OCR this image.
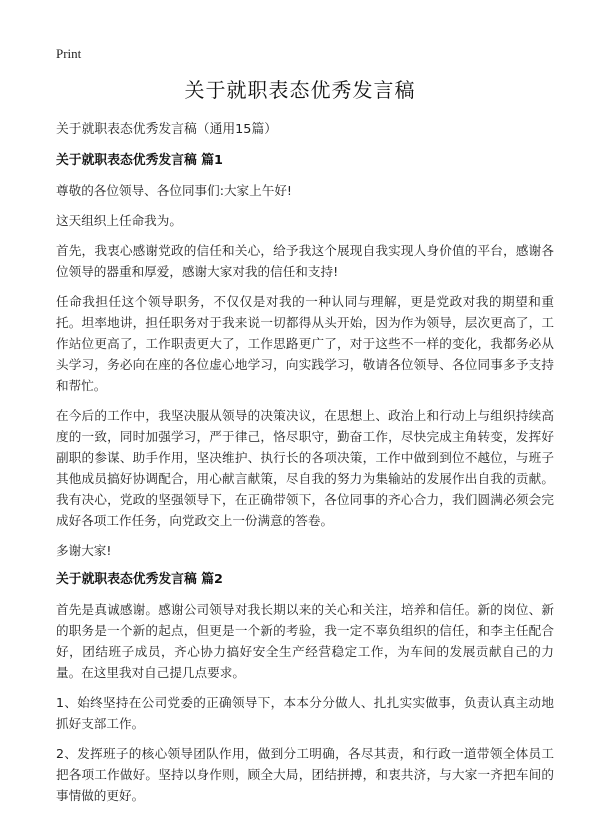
Print
关于就职表态优秀发言稿

关于就职表态优秀发言稿（通用15篇）

关于就职表态优秀发言稿 篇1

尊敬的各位领导、各位同事们:大家上午好!

这天组织上任命我为。

首先，我衷心感谢党政的信任和关心，给予我这个展现自我实现人身价值的平台，感谢各位领导的器重和厚爱，感谢大家对我的信任和支持!

任命我担任这个领导职务，不仅仅是对我的一种认同与理解，更是党政对我的期望和重托。坦率地讲，担任职务对于我来说一切都得从头开始，因为作为领导，层次更高了，工作站位更高了，工作职责更大了，工作思路更广了，对于这些不一样的变化，我都务必从头学习，务必向在座的各位虚心地学习，向实践学习，敬请各位领导、各位同事多予支持和帮忙。

在今后的工作中，我坚决服从领导的决策决议，在思想上、政治上和行动上与组织持续高度的一致，同时加强学习，严于律己，恪尽职守，勤奋工作，尽快完成主角转变，发挥好副职的参谋、助手作用，坚决维护、执行长的各项决策，工作中做到到位不越位，与班子其他成员搞好协调配合，用心献言献策，尽自我的努力为集输站的发展作出自我的贡献。我有决心，党政的坚强领导下，在正确带领下，各位同事的齐心合力，我们圆满必须会完成好各项工作任务，向党政交上一份满意的答卷。

多谢大家!

关于就职表态优秀发言稿 篇2

首先是真诚感谢。感谢公司领导对我长期以来的关心和关注，培养和信任。新的岗位、新的职务是一个新的起点，但更是一个新的考验，我一定不辜负组织的信任，和李主任配合好，团结班子成员，齐心协力搞好安全生产经营稳定工作，为车间的发展贡献自己的力量。在这里我对自己提几点要求。

1、始终坚持在公司党委的正确领导下，本本分分做人、扎扎实实做事，负责认真主动地抓好支部工作。

2、发挥班子的核心领导团队作用，做到分工明确，各尽其责，和行政一道带领全体员工把各项工作做好。坚持以身作则，顾全大局，团结拼搏，和衷共济，与大家一齐把车间的事情做的更好。
